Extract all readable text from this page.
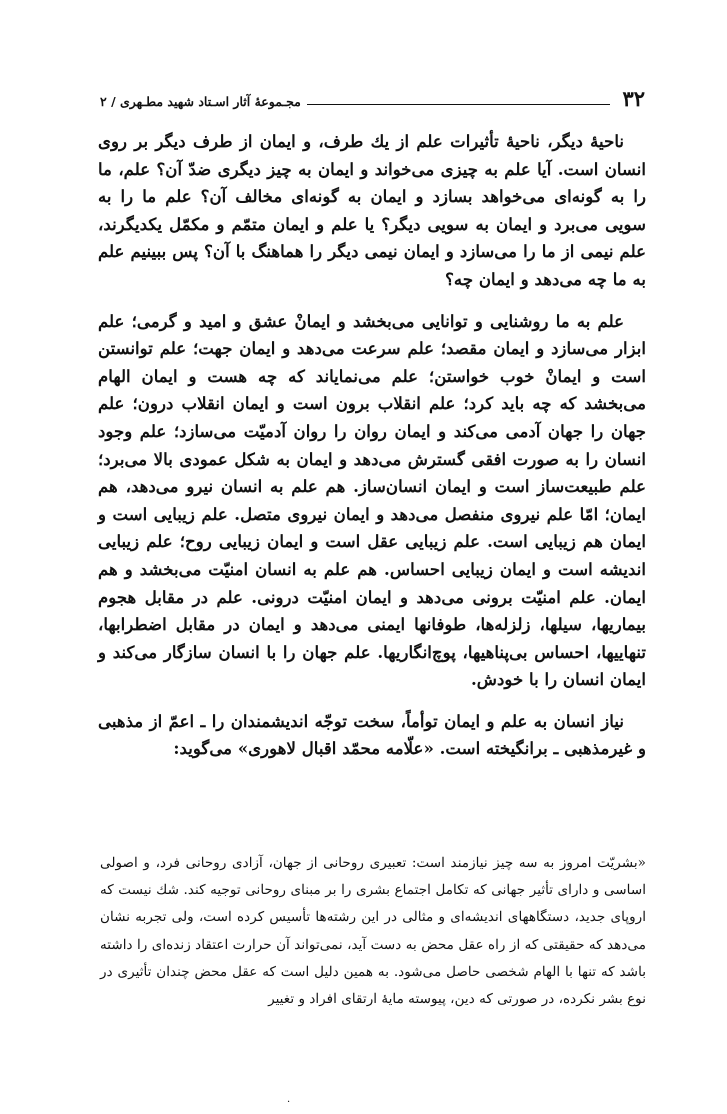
۳۲
مجـموعهٔ آثار اسـتاد شهید مطـهری / ۲

ناحیهٔ دیگر، ناحیهٔ تأثیرات علم از یك طرف، و ایمان از طرف دیگر بر روی انسان است. آیا علم به چیزی می‌خواند و ایمان به چیز دیگری ضدّ آن؟ علم، ما را به گونه‌ای می‌خواهد بسازد و ایمان به گونه‌ای مخالف آن؟ علم ما را به سویی می‌برد و ایمان به سویی دیگر؟ یا علم و ایمان متمّم و مکمّل یکدیگرند، علم نیمی از ما را می‌سازد و ایمان نیمی دیگر را هماهنگ با آن؟ پس ببینیم علم به ما چه می‌دهد و ایمان چه؟

علم به ما روشنایی و توانایی می‌بخشد و ایمانْ عشق و امید و گرمی؛ علم ابزار می‌سازد و ایمان مقصد؛ علم سرعت می‌دهد و ایمان جهت؛ علم توانستن است و ایمانْ خوب خواستن؛ علم می‌نمایاند که چه هست و ایمان الهام می‌بخشد که چه باید کرد؛ علم انقلاب برون است و ایمان انقلاب درون؛ علم جهان را جهان آدمی می‌کند و ایمان روان را روان آدمیّت می‌سازد؛ علم وجود انسان را به صورت افقی گسترش می‌دهد و ایمان به شکل عمودی بالا می‌برد؛ علم طبیعت‌ساز است و ایمان انسان‌ساز. هم علم به انسان نیرو می‌دهد، هم ایمان؛ امّا علم نیروی منفصل می‌دهد و ایمان نیروی متصل. علم زیبایی است و ایمان هم زیبایی است. علم زیبایی عقل است و ایمان زیبایی روح؛ علم زیبایی اندیشه است و ایمان زیبایی احساس. هم علم به انسان امنیّت می‌بخشد و هم ایمان. علم امنیّت برونی می‌دهد و ایمان امنیّت درونی. علم در مقابل هجوم بیماریها، سیلها، زلزله‌ها، طوفانها ایمنی می‌دهد و ایمان در مقابل اضطرابها، تنهاییها، احساس بی‌پناهیها، پوچ‌انگاریها. علم جهان را با انسان سازگار می‌کند و ایمان انسان را با خودش.

نیاز انسان به علم و ایمان توأماً، سخت توجّه اندیشمندان را ـ اعمّ از مذهبی و غیرمذهبی ـ برانگیخته است. «علّامه محمّد اقبال لاهوری» می‌گوید:

«بشریّت امروز به سه چیز نیازمند است: تعبیری روحانی از جهان، آزادی روحانی فرد، و اصولی اساسی و دارای تأثیر جهانی که تکامل اجتماع بشری را بر مبنای روحانی توجیه کند. شك نیست که اروپای جدید، دستگاههای اندیشه‌ای و مثالی در این رشته‌ها تأسیس کرده است، ولی تجربه نشان می‌دهد که حقیقتی که از راه عقل محض به دست آید، نمی‌تواند آن حرارت اعتقاد زنده‌ای را داشته باشد که تنها با الهام شخصی حاصل می‌شود. به همین دلیل است که عقل محض چندان تأثیری در نوع بشر نکرده، در صورتی که دین، پیوسته مایهٔ ارتقای افراد و تغییر
·
